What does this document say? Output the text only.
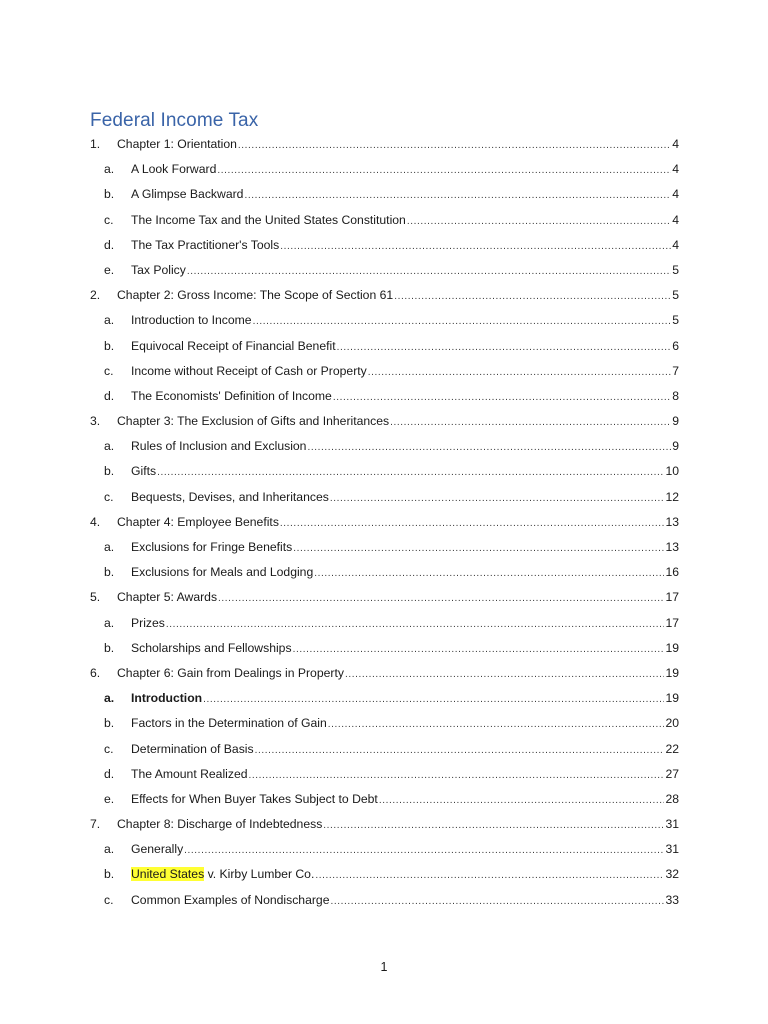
Federal Income Tax
1.	Chapter 1: Orientation .....	4
a.	A Look Forward .....	4
b.	A Glimpse Backward .....	4
c.	The Income Tax and the United States Constitution .....	4
d.	The Tax Practitioner's Tools .....	4
e.	Tax Policy .....	5
2.	Chapter 2: Gross Income: The Scope of Section 61 .....	5
a.	Introduction to Income .....	5
b.	Equivocal Receipt of Financial Benefit .....	6
c.	Income without Receipt of Cash or Property .....	7
d.	The Economists' Definition of Income .....	8
3.	Chapter 3: The Exclusion of Gifts and Inheritances .....	9
a.	Rules of Inclusion and Exclusion .....	9
b.	Gifts .....	10
c.	Bequests, Devises, and Inheritances .....	12
4.	Chapter 4: Employee Benefits .....	13
a.	Exclusions for Fringe Benefits .....	13
b.	Exclusions for Meals and Lodging .....	16
5.	Chapter 5: Awards .....	17
a.	Prizes .....	17
b.	Scholarships and Fellowships .....	19
6.	Chapter 6: Gain from Dealings in Property .....	19
a.	Introduction .....	19
b.	Factors in the Determination of Gain .....	20
c.	Determination of Basis .....	22
d.	The Amount Realized .....	27
e.	Effects for When Buyer Takes Subject to Debt .....	28
7.	Chapter 8: Discharge of Indebtedness .....	31
a.	Generally .....	31
b.	United States v. Kirby Lumber Co. .....	32
c.	Common Examples of Nondischarge .....	33
1
